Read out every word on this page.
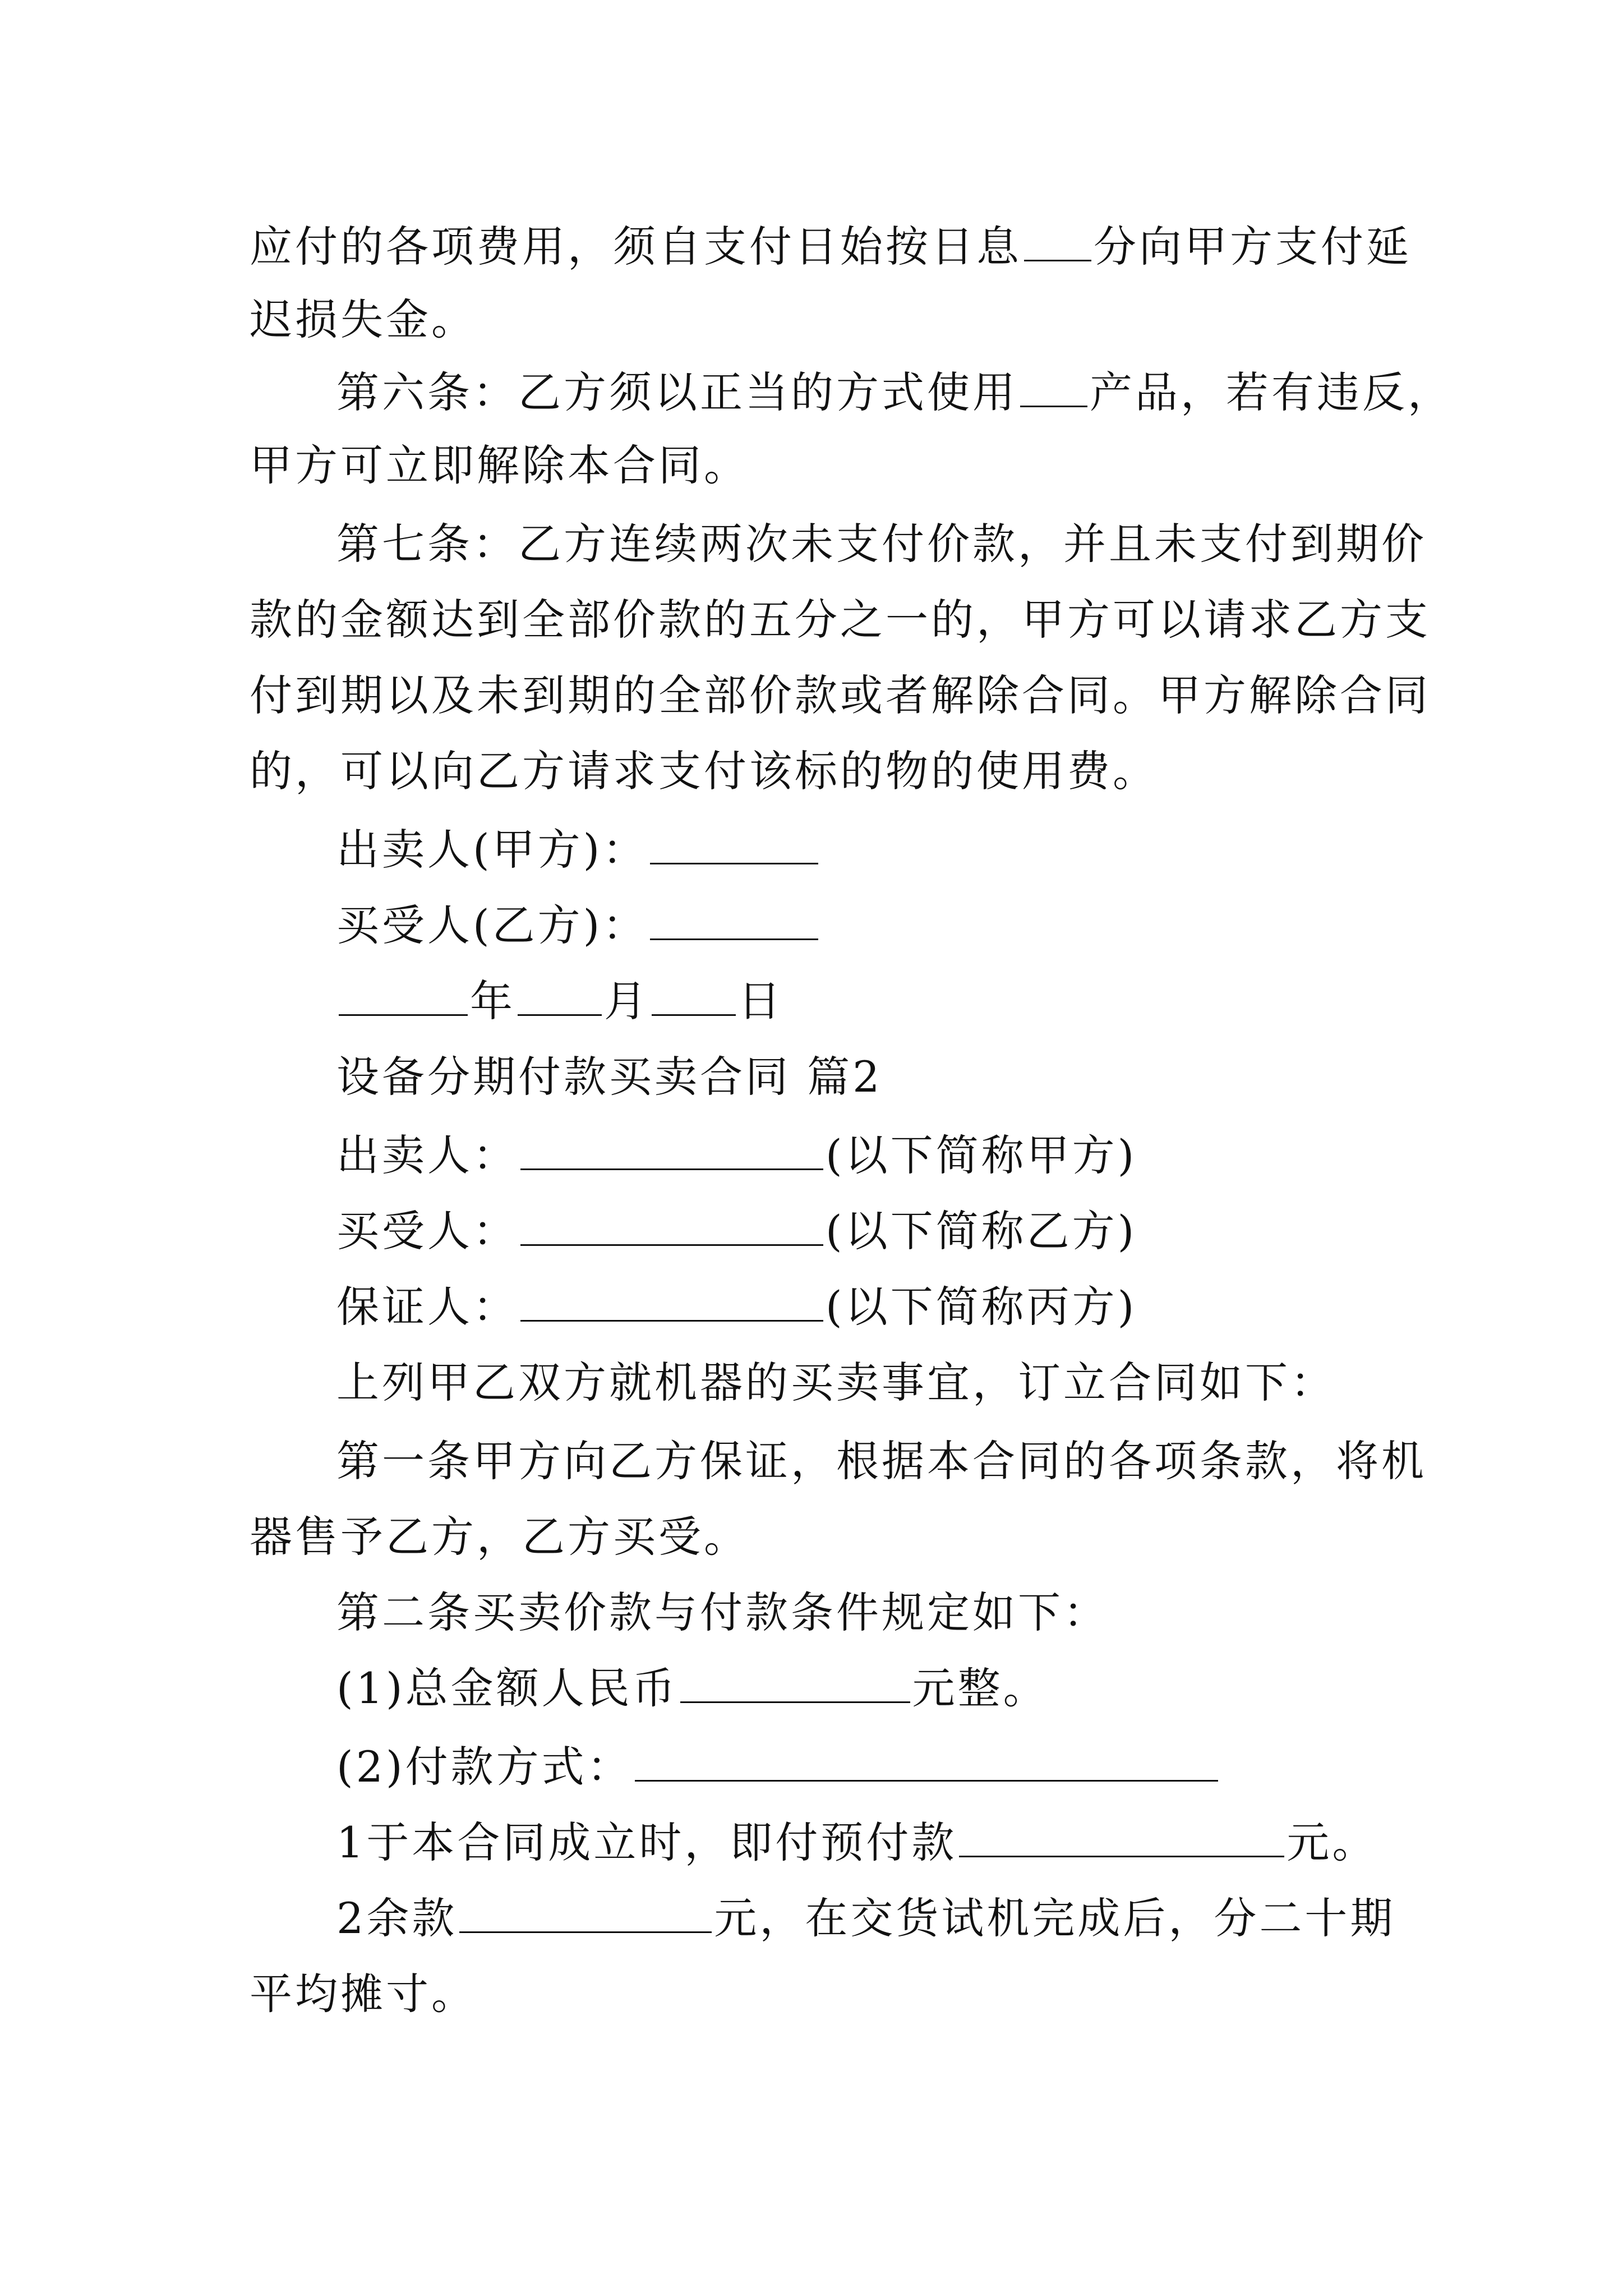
应付的各项费用，须自支付日始按日息 分向甲方支付延
迟损失金。
第六条：乙方须以正当的方式使用 产品，若有违反，
甲方可立即解除本合同。
第七条：乙方连续两次未支付价款，并且未支付到期价
款的金额达到全部价款的五分之一的，甲方可以请求乙方支
付到期以及未到期的全部价款或者解除合同。甲方解除合同
的，可以向乙方请求支付该标的物的使用费。
出卖人(甲方)：
买受人(乙方)：
年 月 日
设备分期付款买卖合同 篇2
出卖人：	(以下简称甲方)
买受人：	(以下简称乙方)
保证人：	(以下简称丙方)
上列甲乙双方就机器的买卖事宜，订立合同如下：
第一条甲方向乙方保证，根据本合同的各项条款，将机
器售予乙方，乙方买受。
第二条买卖价款与付款条件规定如下：
(1)总金额人民币	元整。
(2)付款方式：
1于本合同成立时，即付预付款	元。
2余款	元，在交货试机完成后，分二十期
平均摊寸。
